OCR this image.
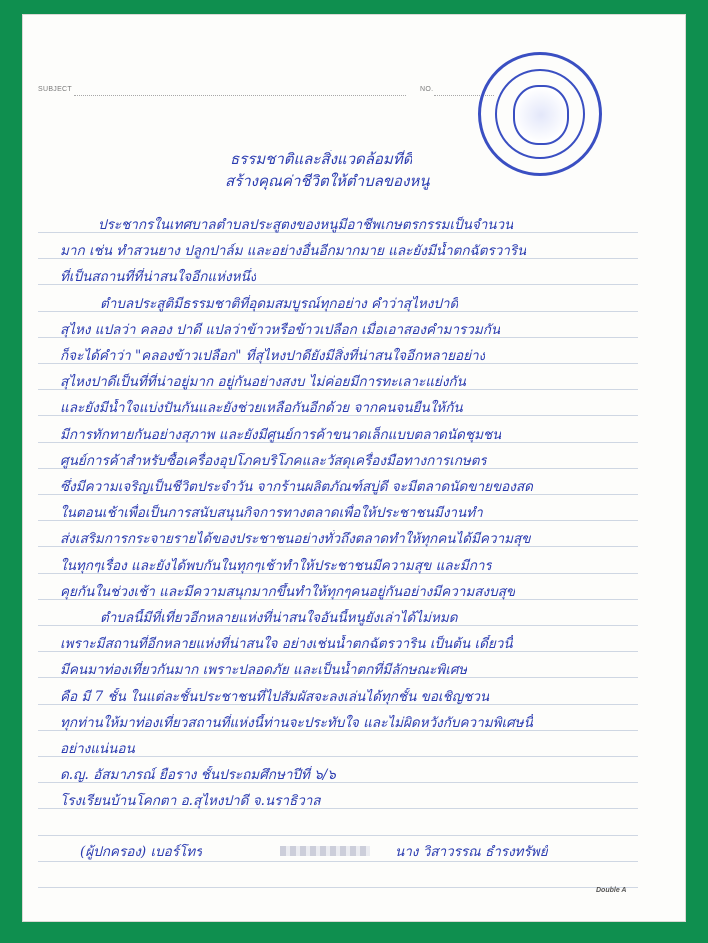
SUBJECT	NO.
ธรรมชาติและสิ่งแวดล้อมที่ดี
สร้างคุณค่าชีวิตให้ตำบลของหนู
ประชากรในเทศบาลตำบลประสูตงของหนูมีอาชีพเกษตรกรรมเป็นจำนวน
มาก เช่น ทำสวนยาง ปลูกปาล์ม และอย่างอื่นอีกมากมาย และยังมีน้ำตกฉัตรวาริน
ที่เป็นสถานที่ที่น่าสนใจอีกแห่งหนึ่ง
ตำบลประสูติมีธรรมชาติที่อุดมสมบูรณ์ทุกอย่าง คำว่าสุไหงปาดี
สุไหง แปลว่า คลอง ปาดี แปลว่าข้าวหรือข้าวเปลือก เมื่อเอาสองคำมารวมกัน
ก็จะได้คำว่า "คลองข้าวเปลือก" ที่สุไหงปาดียังมีสิ่งที่น่าสนใจอีกหลายอย่าง
สุไหงปาดีเป็นที่ที่น่าอยู่มาก อยู่กันอย่างสงบ ไม่ค่อยมีการทะเลาะแย่งกัน
และยังมีน้ำใจแบ่งปันกันและยังช่วยเหลือกันอีกด้วย จากคนจนยืนให้กัน
มีการทักทายกันอย่างสุภาพ และยังมีศูนย์การค้าขนาดเล็กแบบตลาดนัดชุมชน
ศูนย์การค้าสำหรับซื้อเครื่องอุปโภคบริโภคและวัสดุเครื่องมือทางการเกษตร
ซึ่งมีความเจริญเป็นชีวิตประจำวัน จากร้านผลิตภัณฑ์สบู่ดี จะมีตลาดนัดขายของสด
ในตอนเช้าเพื่อเป็นการสนับสนุนกิจการทางตลาดเพื่อให้ประชาชนมีงานทำ
ส่งเสริมการกระจายรายได้ของประชาชนอย่างทั่วถึงตลาดทำให้ทุกคนได้มีความสุข
ในทุกๆเรื่อง และยังได้พบกันในทุกๆเช้าทำให้ประชาชนมีความสุข และมีการ
คุยกันในช่วงเช้า และมีความสนุกมากขึ้นทำให้ทุกๆคนอยู่กันอย่างมีความสงบสุข
ตำบลนี้มีที่เที่ยวอีกหลายแห่งที่น่าสนใจอันนี้หนูยังเล่าได้ไม่หมด
เพราะมีสถานที่อีกหลายแห่งที่น่าสนใจ อย่างเช่นน้ำตกฉัตรวาริน เป็นต้น เดี๋ยวนี้
มีคนมาท่องเที่ยวกันมาก เพราะปลอดภัย และเป็นน้ำตกที่มีลักษณะพิเศษ
คือ มี 7 ชั้น ในแต่ละชั้นประชาชนที่ไปสัมผัสจะลงเล่นได้ทุกชั้น ขอเชิญชวน
ทุกท่านให้มาท่องเที่ยวสถานที่แห่งนี้ท่านจะประทับใจ และไม่ผิดหวังกับความพิเศษนี้
อย่างแน่นอน
ด.ญ. อัสมาภรณ์ ยือราง ชั้นประถมศึกษาปีที่ ๖/๖
โรงเรียนบ้านโคกตา อ.สุไหงปาดี จ.นราธิวาส
(ผู้ปกครอง) เบอร์โทร	นาง วิสาวรรณ ธำรงทรัพย์
Double A
